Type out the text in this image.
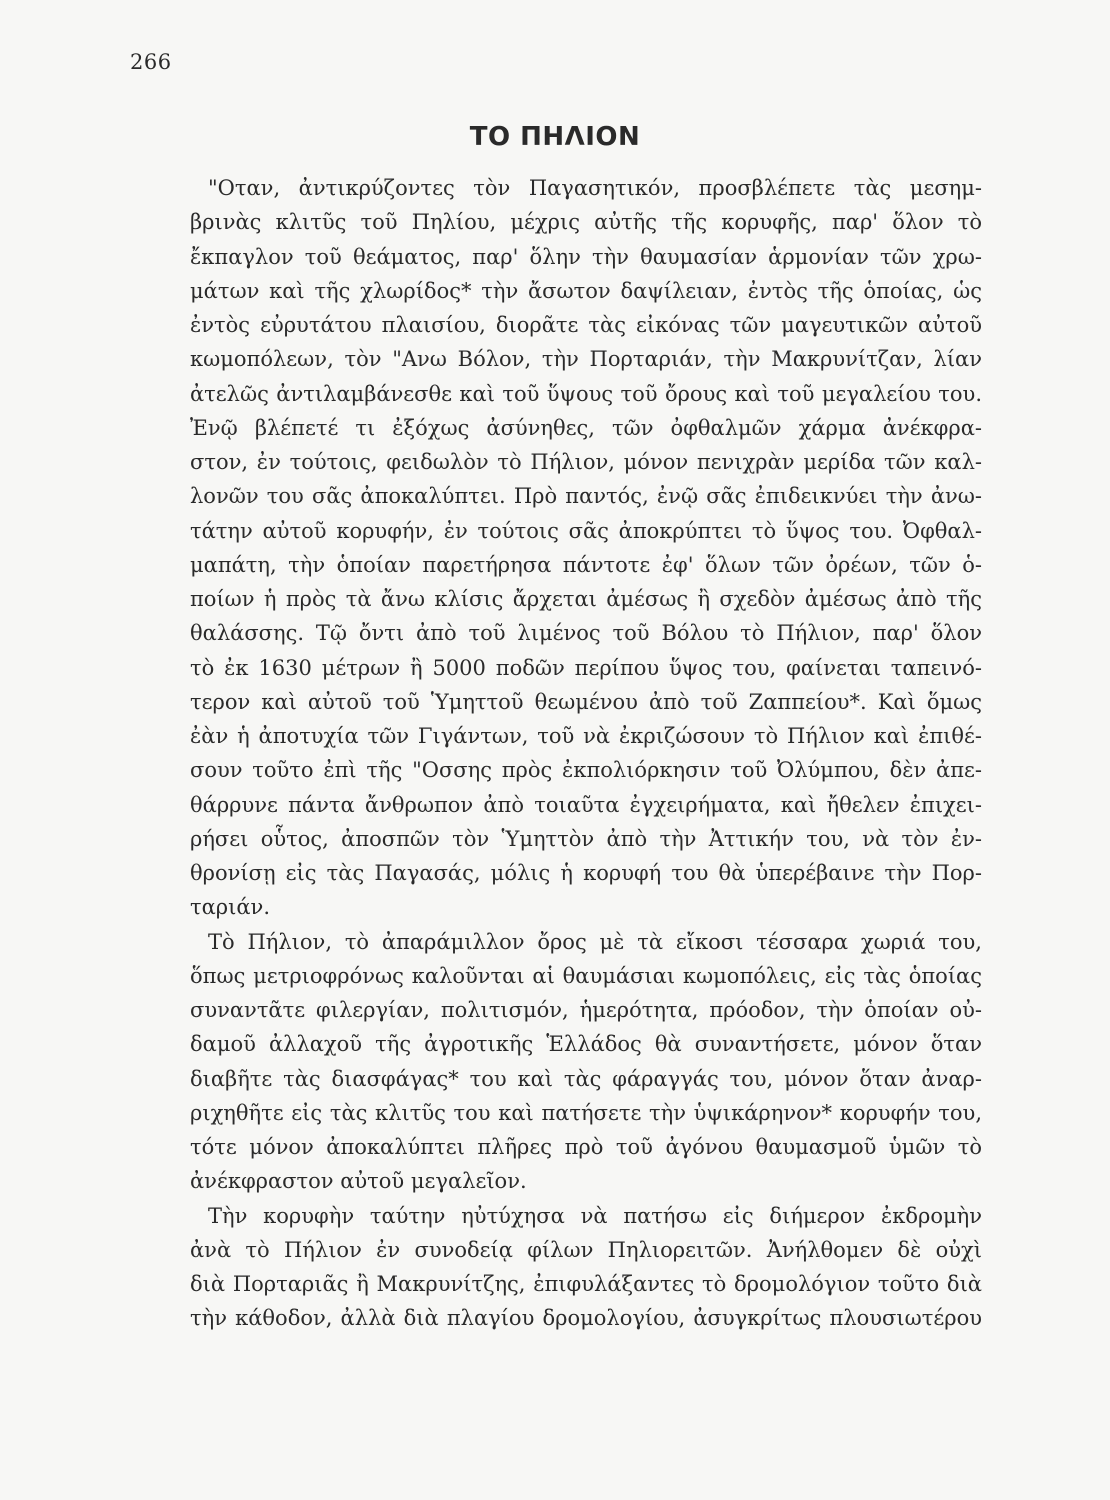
266
ΤΟ ΠΗΛΙΟΝ
"Οταν, ἀντικρύζοντες τὸν Παγασητικόν, προσβλέπετε τὰς μεσημ-
βρινὰς κλιτῦς τοῦ Πηλίου, μέχρις αὐτῆς τῆς κορυφῆς, παρ' ὅλον τὸ
ἔκπαγλον τοῦ θεάματος, παρ' ὅλην τὴν θαυμασίαν ἁρμονίαν τῶν χρω-
μάτων καὶ τῆς χλωρίδος* τὴν ἄσωτον δαψίλειαν, ἐντὸς τῆς ὁποίας, ὡς
ἐντὸς εὐρυτάτου πλαισίου, διορᾶτε τὰς εἰκόνας τῶν μαγευτικῶν αὐτοῦ
κωμοπόλεων, τὸν "Ανω Βόλον, τὴν Πορταριάν, τὴν Μακρυνίτζαν, λίαν
ἀτελῶς ἀντιλαμβάνεσθε καὶ τοῦ ὕψους τοῦ ὄρους καὶ τοῦ μεγαλείου του.
Ἐνῷ βλέπετέ τι ἐξόχως ἀσύνηθες, τῶν ὀφθαλμῶν χάρμα ἀνέκφρα-
στον, ἐν τούτοις, φειδωλὸν τὸ Πήλιον, μόνον πενιχρὰν μερίδα τῶν καλ-
λονῶν του σᾶς ἀποκαλύπτει. Πρὸ παντός, ἐνῷ σᾶς ἐπιδεικνύει τὴν ἀνω-
τάτην αὐτοῦ κορυφήν, ἐν τούτοις σᾶς ἀποκρύπτει τὸ ὕψος του. Ὀφθαλ-
μαπάτη, τὴν ὁποίαν παρετήρησα πάντοτε ἐφ' ὅλων τῶν ὀρέων, τῶν ὁ-
ποίων ἡ πρὸς τὰ ἄνω κλίσις ἄρχεται ἀμέσως ἢ σχεδὸν ἀμέσως ἀπὸ τῆς
θαλάσσης. Τῷ ὄντι ἀπὸ τοῦ λιμένος τοῦ Βόλου τὸ Πήλιον, παρ' ὅλον
τὸ ἐκ 1630 μέτρων ἢ 5000 ποδῶν περίπου ὕψος του, φαίνεται ταπεινό-
τερον καὶ αὐτοῦ τοῦ Ὑμηττοῦ θεωμένου ἀπὸ τοῦ Ζαππείου*. Καὶ ὅμως
ἐὰν ἡ ἀποτυχία τῶν Γιγάντων, τοῦ νὰ ἐκριζώσουν τὸ Πήλιον καὶ ἐπιθέ-
σουν τοῦτο ἐπὶ τῆς "Οσσης πρὸς ἐκπολιόρκησιν τοῦ Ὀλύμπου, δὲν ἀπε-
θάρρυνε πάντα ἄνθρωπον ἀπὸ τοιαῦτα ἐγχειρήματα, καὶ ἤθελεν ἐπιχει-
ρήσει οὗτος, ἀποσπῶν τὸν Ὑμηττὸν ἀπὸ τὴν Ἀττικήν του, νὰ τὸν ἐν-
θρονίσῃ εἰς τὰς Παγασάς, μόλις ἡ κορυφή του θὰ ὑπερέβαινε τὴν Πορ-
ταριάν.
Τὸ Πήλιον, τὸ ἀπαράμιλλον ὄρος μὲ τὰ εἴκοσι τέσσαρα χωριά του,
ὅπως μετριοφρόνως καλοῦνται αἱ θαυμάσιαι κωμοπόλεις, εἰς τὰς ὁποίας
συναντᾶτε φιλεργίαν, πολιτισμόν, ἡμερότητα, πρόοδον, τὴν ὁποίαν οὐ-
δαμοῦ ἀλλαχοῦ τῆς ἀγροτικῆς Ἑλλάδος θὰ συναντήσετε, μόνον ὅταν
διαβῆτε τὰς διασφάγας* του καὶ τὰς φάραγγάς του, μόνον ὅταν ἀναρ-
ριχηθῆτε εἰς τὰς κλιτῦς του καὶ πατήσετε τὴν ὑψικάρηνον* κορυφήν του,
τότε μόνον ἀποκαλύπτει πλῆρες πρὸ τοῦ ἀγόνου θαυμασμοῦ ὑμῶν τὸ
ἀνέκφραστον αὐτοῦ μεγαλεῖον.
Τὴν κορυφὴν ταύτην ηὐτύχησα νὰ πατήσω εἰς διήμερον ἐκδρομὴν
ἀνὰ τὸ Πήλιον ἐν συνοδείᾳ φίλων Πηλιορειτῶν. Ἀνήλθομεν δὲ οὐχὶ
διὰ Πορταριᾶς ἢ Μακρυνίτζης, ἐπιφυλάξαντες τὸ δρομολόγιον τοῦτο διὰ
τὴν κάθοδον, ἀλλὰ διὰ πλαγίου δρομολογίου, ἀσυγκρίτως πλουσιωτέρου
